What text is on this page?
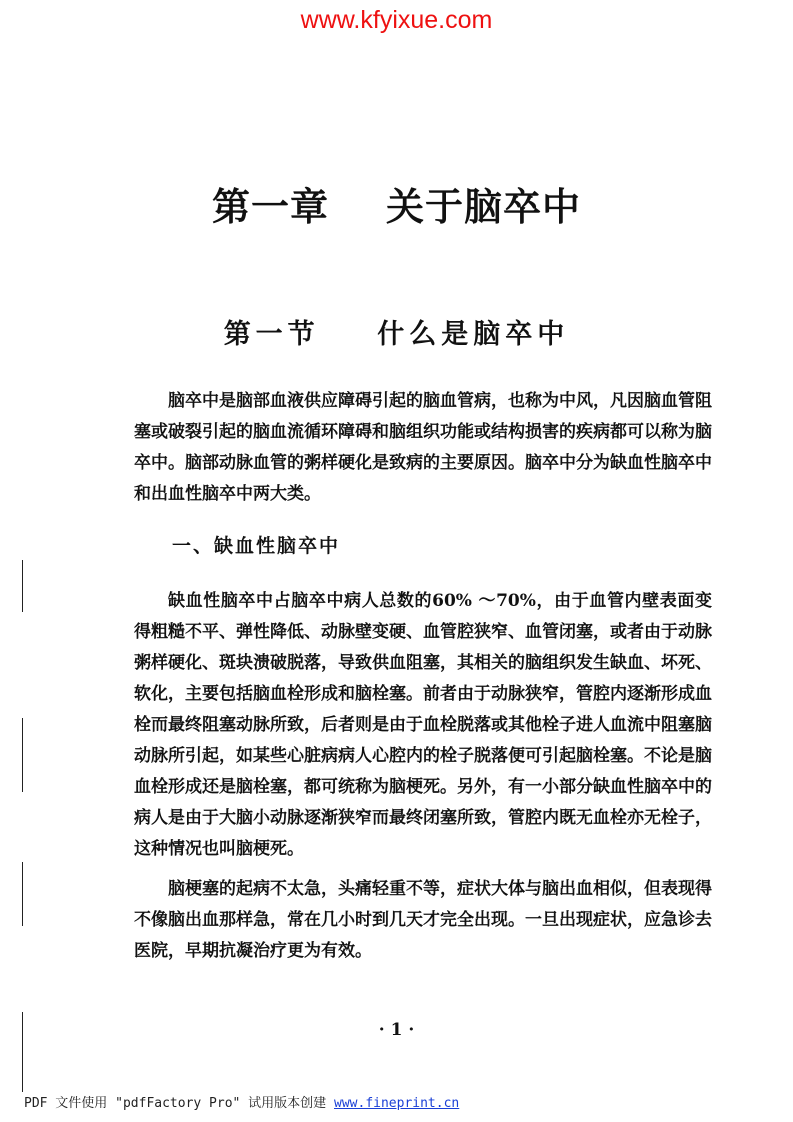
www.kfyixue.com
第一章    关于脑卒中
第一节    什么是脑卒中

脑卒中是脑部血液供应障碍引起的脑血管病，也称为中风，凡因脑血管阻塞或破裂引起的脑血流循环障碍和脑组织功能或结构损害的疾病都可以称为脑卒中。脑部动脉血管的粥样硬化是致病的主要原因。脑卒中分为缺血性脑卒中和出血性脑卒中两大类。

一、缺血性脑卒中

缺血性脑卒中占脑卒中病人总数的60% ～70%，由于血管内壁表面变得粗糙不平、弹性降低、动脉壁变硬、血管腔狭窄、血管闭塞，或者由于动脉粥样硬化、斑块溃破脱落，导致供血阻塞，其相关的脑组织发生缺血、坏死、软化，主要包括脑血栓形成和脑栓塞。前者由于动脉狭窄，管腔内逐渐形成血栓而最终阻塞动脉所致，后者则是由于血栓脱落或其他栓子进人血流中阻塞脑动脉所引起，如某些心脏病病人心腔内的栓子脱落便可引起脑栓塞。不论是脑血栓形成还是脑栓塞，都可统称为脑梗死。另外，有一小部分缺血性脑卒中的病人是由于大脑小动脉逐渐狭窄而最终闭塞所致，管腔内既无血栓亦无栓子，这种情况也叫脑梗死。

脑梗塞的起病不太急，头痛轻重不等，症状大体与脑出血相似，但表现得不像脑出血那样急，常在几小时到几天才完全出现。一旦出现症状，应急诊去医院，早期抗凝治疗更为有效。

· 1 ·
PDF 文件使用 "pdfFactory Pro" 试用版本创建 www.fineprint.cn
